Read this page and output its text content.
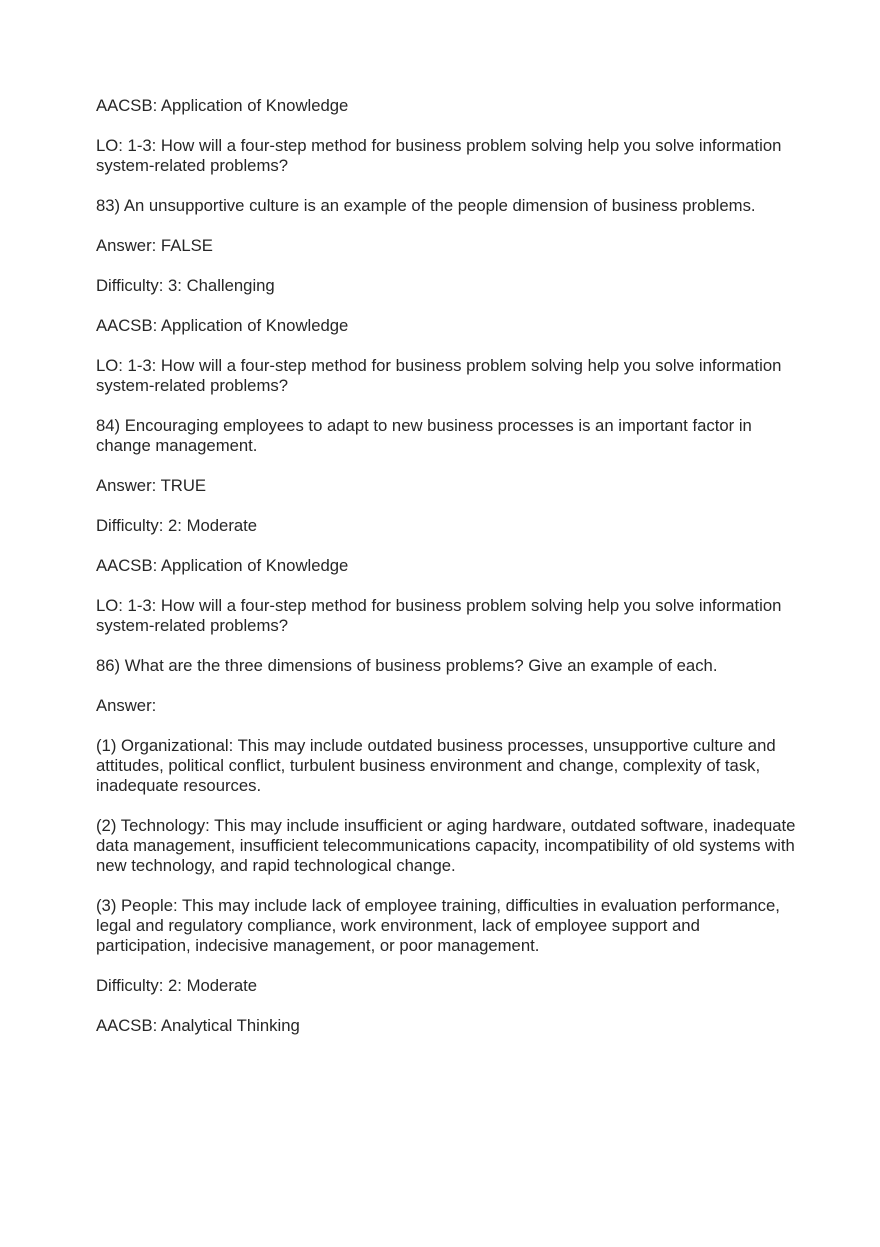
AACSB: Application of Knowledge

LO: 1-3: How will a four-step method for business problem solving help you solve information system-related problems?

83) An unsupportive culture is an example of the people dimension of business problems.

Answer: FALSE

Difficulty: 3: Challenging

AACSB: Application of Knowledge

LO: 1-3: How will a four-step method for business problem solving help you solve information system-related problems?

84) Encouraging employees to adapt to new business processes is an important factor in change management.

Answer: TRUE

Difficulty: 2: Moderate

AACSB: Application of Knowledge

LO: 1-3: How will a four-step method for business problem solving help you solve information system-related problems?

86) What are the three dimensions of business problems? Give an example of each.

Answer:

(1) Organizational: This may include outdated business processes, unsupportive culture and attitudes, political conflict, turbulent business environment and change, complexity of task, inadequate resources.

(2) Technology: This may include insufficient or aging hardware, outdated software, inadequate data management, insufficient telecommunications capacity, incompatibility of old systems with new technology, and rapid technological change.

(3) People: This may include lack of employee training, difficulties in evaluation performance, legal and regulatory compliance, work environment, lack of employee support and participation, indecisive management, or poor management.

Difficulty: 2: Moderate

AACSB: Analytical Thinking
